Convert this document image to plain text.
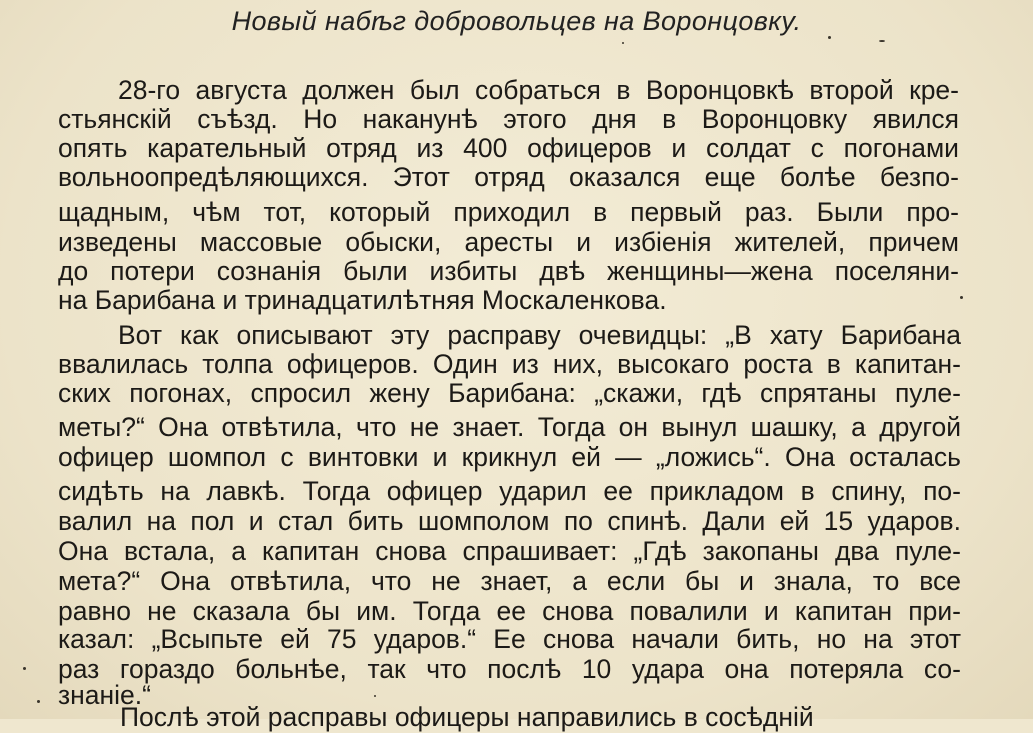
Новый набѣг добровольцев на Воронцовку.
28-го августа должен был собраться в Воронцовкѣ второй кре-
стьянскій съѣзд. Но наканунѣ этого дня в Воронцовку явился
опять карательный отряд из 400 офицеров и солдат с погонами
вольноопредѣляющихся. Этот отряд оказался еще болѣе безпо-
щадным, чѣм тот, который приходил в первый раз. Были про-
изведены массовые обыски, аресты и избіенія жителей, причем
до потери сознанія были избиты двѣ женщины—жена поселяни-
на Барибана и тринадцатилѣтняя Москаленкова.
Вот как описывают эту расправу очевидцы: „В хату Барибана
ввалилась толпа офицеров. Один из них, высокаго роста в капитан-
ских погонах, спросил жену Барибана: „скажи, гдѣ спрятаны пуле-
меты?“ Она отвѣтила, что не знает. Тогда он вынул шашку, а другой
офицер шомпол с винтовки и крикнул ей — „ложись“. Она осталась
сидѣть на лавкѣ. Тогда офицер ударил ее прикладом в спину, по-
валил на пол и стал бить шомполом по спинѣ. Дали ей 15 ударов.
Она встала, а капитан снова спрашивает: „Гдѣ закопаны два пуле-
мета?“ Она отвѣтила, что не знает, а если бы и знала, то все
равно не сказала бы им. Тогда ее снова повалили и капитан при-
казал: „Всыпьте ей 75 ударов.“ Ее снова начали бить, но на этот
раз гораздо больнѣе, так что послѣ 10 удара она потеряла со-
знаніе.“
Послѣ этой расправы офицеры направились в сосѣдній
